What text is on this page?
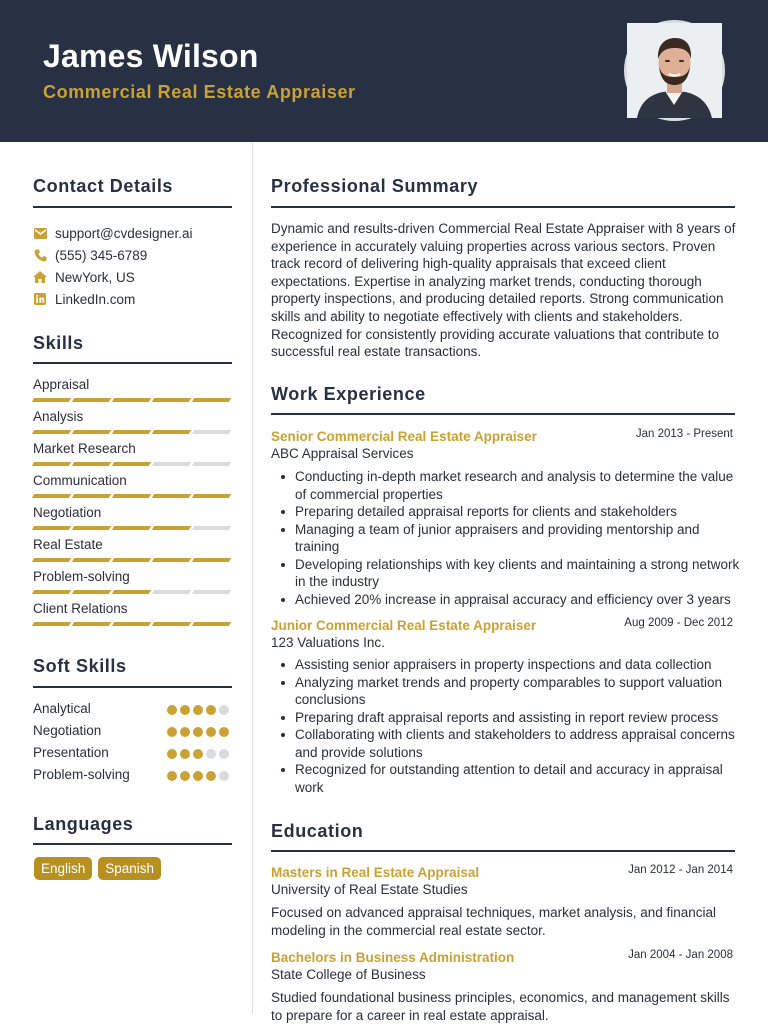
James Wilson
Commercial Real Estate Appraiser
Contact Details
support@cvdesigner.ai
(555) 345-6789
NewYork, US
LinkedIn.com
Skills
Appraisal
Analysis
Market Research
Communication
Negotiation
Real Estate
Problem-solving
Client Relations
Soft Skills
Analytical
Negotiation
Presentation
Problem-solving
Languages
English	Spanish
Professional Summary
Dynamic and results-driven Commercial Real Estate Appraiser with 8 years of experience in accurately valuing properties across various sectors. Proven track record of delivering high-quality appraisals that exceed client expectations. Expertise in analyzing market trends, conducting thorough property inspections, and producing detailed reports. Strong communication skills and ability to negotiate effectively with clients and stakeholders. Recognized for consistently providing accurate valuations that contribute to successful real estate transactions.
Work Experience
Senior Commercial Real Estate Appraiser	Jan 2013 - Present
ABC Appraisal Services
Conducting in-depth market research and analysis to determine the value of commercial properties
Preparing detailed appraisal reports for clients and stakeholders
Managing a team of junior appraisers and providing mentorship and training
Developing relationships with key clients and maintaining a strong network in the industry
Achieved 20% increase in appraisal accuracy and efficiency over 3 years
Junior Commercial Real Estate Appraiser	Aug 2009 - Dec 2012
123 Valuations Inc.
Assisting senior appraisers in property inspections and data collection
Analyzing market trends and property comparables to support valuation conclusions
Preparing draft appraisal reports and assisting in report review process
Collaborating with clients and stakeholders to address appraisal concerns and provide solutions
Recognized for outstanding attention to detail and accuracy in appraisal work
Education
Masters in Real Estate Appraisal	Jan 2012 - Jan 2014
University of Real Estate Studies
Focused on advanced appraisal techniques, market analysis, and financial modeling in the commercial real estate sector.
Bachelors in Business Administration	Jan 2004 - Jan 2008
State College of Business
Studied foundational business principles, economics, and management skills to prepare for a career in real estate appraisal.
